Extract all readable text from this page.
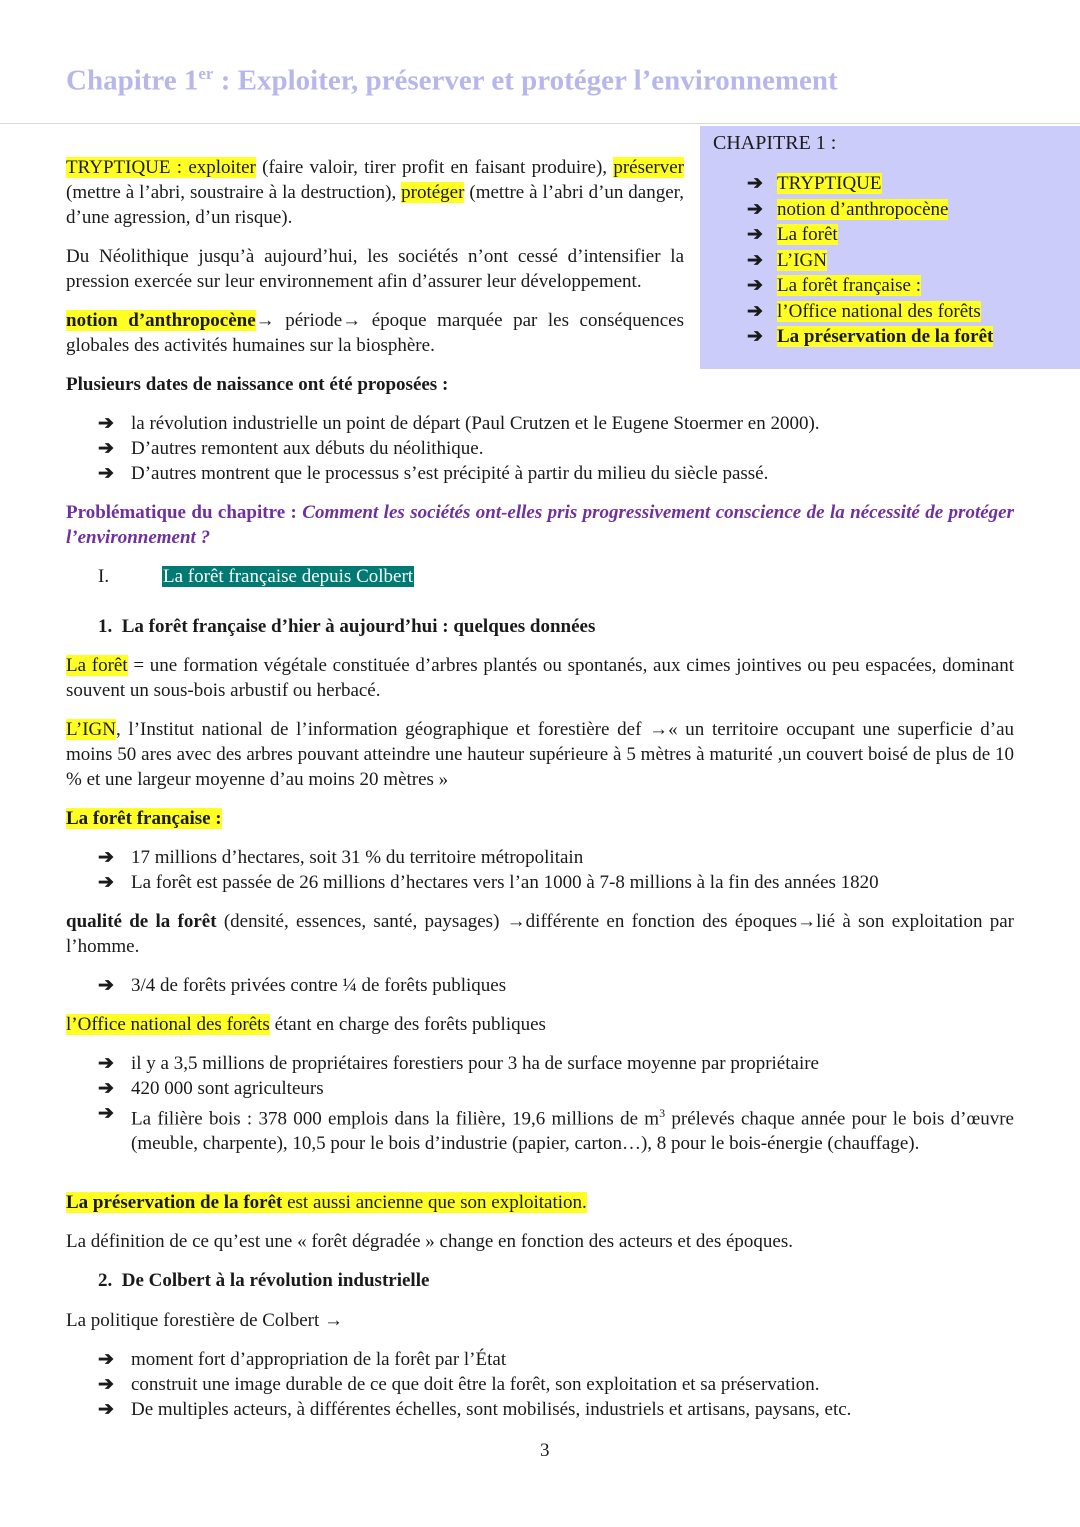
Chapitre 1er : Exploiter, préserver et protéger l’environnement
CHAPITRE 1 :
➔ TRYPTIQUE
➔ notion d’anthropocène
➔ La forêt
➔ L’IGN
➔ La forêt française :
➔ l’Office national des forêts
➔ La préservation de la forêt
TRYPTIQUE : exploiter (faire valoir, tirer profit en faisant produire), préserver (mettre à l’abri, soustraire à la destruction), protéger (mettre à l’abri d’un danger, d’une agression, d’un risque).
Du Néolithique jusqu’à aujourd’hui, les sociétés n’ont cessé d’intensifier la pression exercée sur leur environnement afin d’assurer leur développement.
notion d’anthropocène→ période→ époque marquée par les conséquences globales des activités humaines sur la biosphère.
Plusieurs dates de naissance ont été proposées :
➔ la révolution industrielle un point de départ (Paul Crutzen et le Eugene Stoermer en 2000).
➔ D’autres remontent aux débuts du néolithique.
➔ D’autres montrent que le processus s’est précipité à partir du milieu du siècle passé.
Problématique du chapitre : Comment les sociétés ont-elles pris progressivement conscience de la nécessité de protéger l’environnement ?
I.	La forêt française depuis Colbert
1. La forêt française d’hier à aujourd’hui : quelques données
La forêt = une formation végétale constituée d’arbres plantés ou spontanés, aux cimes jointives ou peu espacées, dominant souvent un sous-bois arbustif ou herbacé.
L’IGN, l’Institut national de l’information géographique et forestière def →« un territoire occupant une superficie d’au moins 50 ares avec des arbres pouvant atteindre une hauteur supérieure à 5 mètres à maturité ,un couvert boisé de plus de 10 % et une largeur moyenne d’au moins 20 mètres »
La forêt française :
➔ 17 millions d’hectares, soit 31 % du territoire métropolitain
➔ La forêt est passée de 26 millions d’hectares vers l’an 1000 à 7-8 millions à la fin des années 1820
qualité de la forêt (densité, essences, santé, paysages) →différente en fonction des époques→lié à son exploitation par l’homme.
➔ 3/4 de forêts privées contre ¼ de forêts publiques
l’Office national des forêts étant en charge des forêts publiques
➔ il y a 3,5 millions de propriétaires forestiers pour 3 ha de surface moyenne par propriétaire
➔ 420 000 sont agriculteurs
➔ La filière bois : 378 000 emplois dans la filière, 19,6 millions de $m^3$ prélevés chaque année pour le bois d’œuvre (meuble, charpente), 10,5 pour le bois d’industrie (papier, carton…), 8 pour le bois-énergie (chauffage).
La préservation de la forêt est aussi ancienne que son exploitation.
La définition de ce qu’est une « forêt dégradée » change en fonction des acteurs et des époques.
2. De Colbert à la révolution industrielle
La politique forestière de Colbert →
➔ moment fort d’appropriation de la forêt par l’État
➔ construit une image durable de ce que doit être la forêt, son exploitation et sa préservation.
➔ De multiples acteurs, à différentes échelles, sont mobilisés, industriels et artisans, paysans, etc.
3
